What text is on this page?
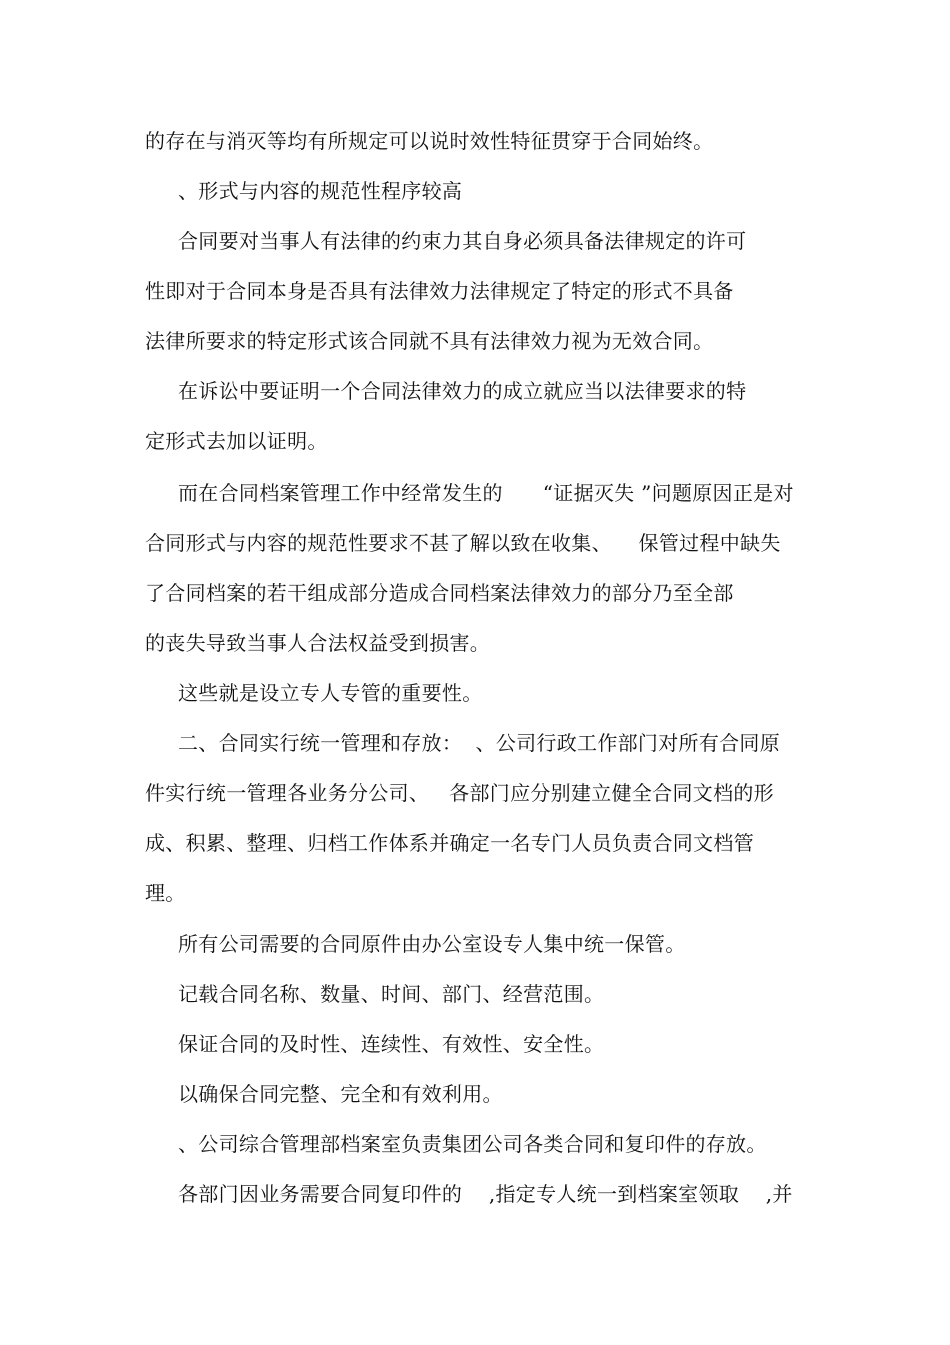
的存在与消灭等均有所规定可以说时效性特征贯穿于合同始终。
、形式与内容的规范性程序较高
合同要对当事人有法律的约束力其自身必须具备法律规定的许可
性即对于合同本身是否具有法律效力法律规定了特定的形式不具备
法律所要求的特定形式该合同就不具有法律效力视为无效合同。
在诉讼中要证明一个合同法律效力的成立就应当以法律要求的特
定形式去加以证明。
而在合同档案管理工作中经常发生的      “证据灭失 ”问题原因正是对
合同形式与内容的规范性要求不甚了解以致在收集、    保管过程中缺失
了合同档案的若干组成部分造成合同档案法律效力的部分乃至全部
的丧失导致当事人合法权益受到损害。
这些就是设立专人专管的重要性。
二、合同实行统一管理和存放：  、公司行政工作部门对所有合同原
件实行统一管理各业务分公司、   各部门应分别建立健全合同文档的形
成、积累、整理、归档工作体系并确定一名专门人员负责合同文档管
理。
所有公司需要的合同原件由办公室设专人集中统一保管。
记载合同名称、数量、时间、部门、经营范围。
保证合同的及时性、连续性、有效性、安全性。
以确保合同完整、完全和有效利用。
、公司综合管理部档案室负责集团公司各类合同和复印件的存放。
各部门因业务需要合同复印件的    ,指定专人统一到档案室领取    ,并
